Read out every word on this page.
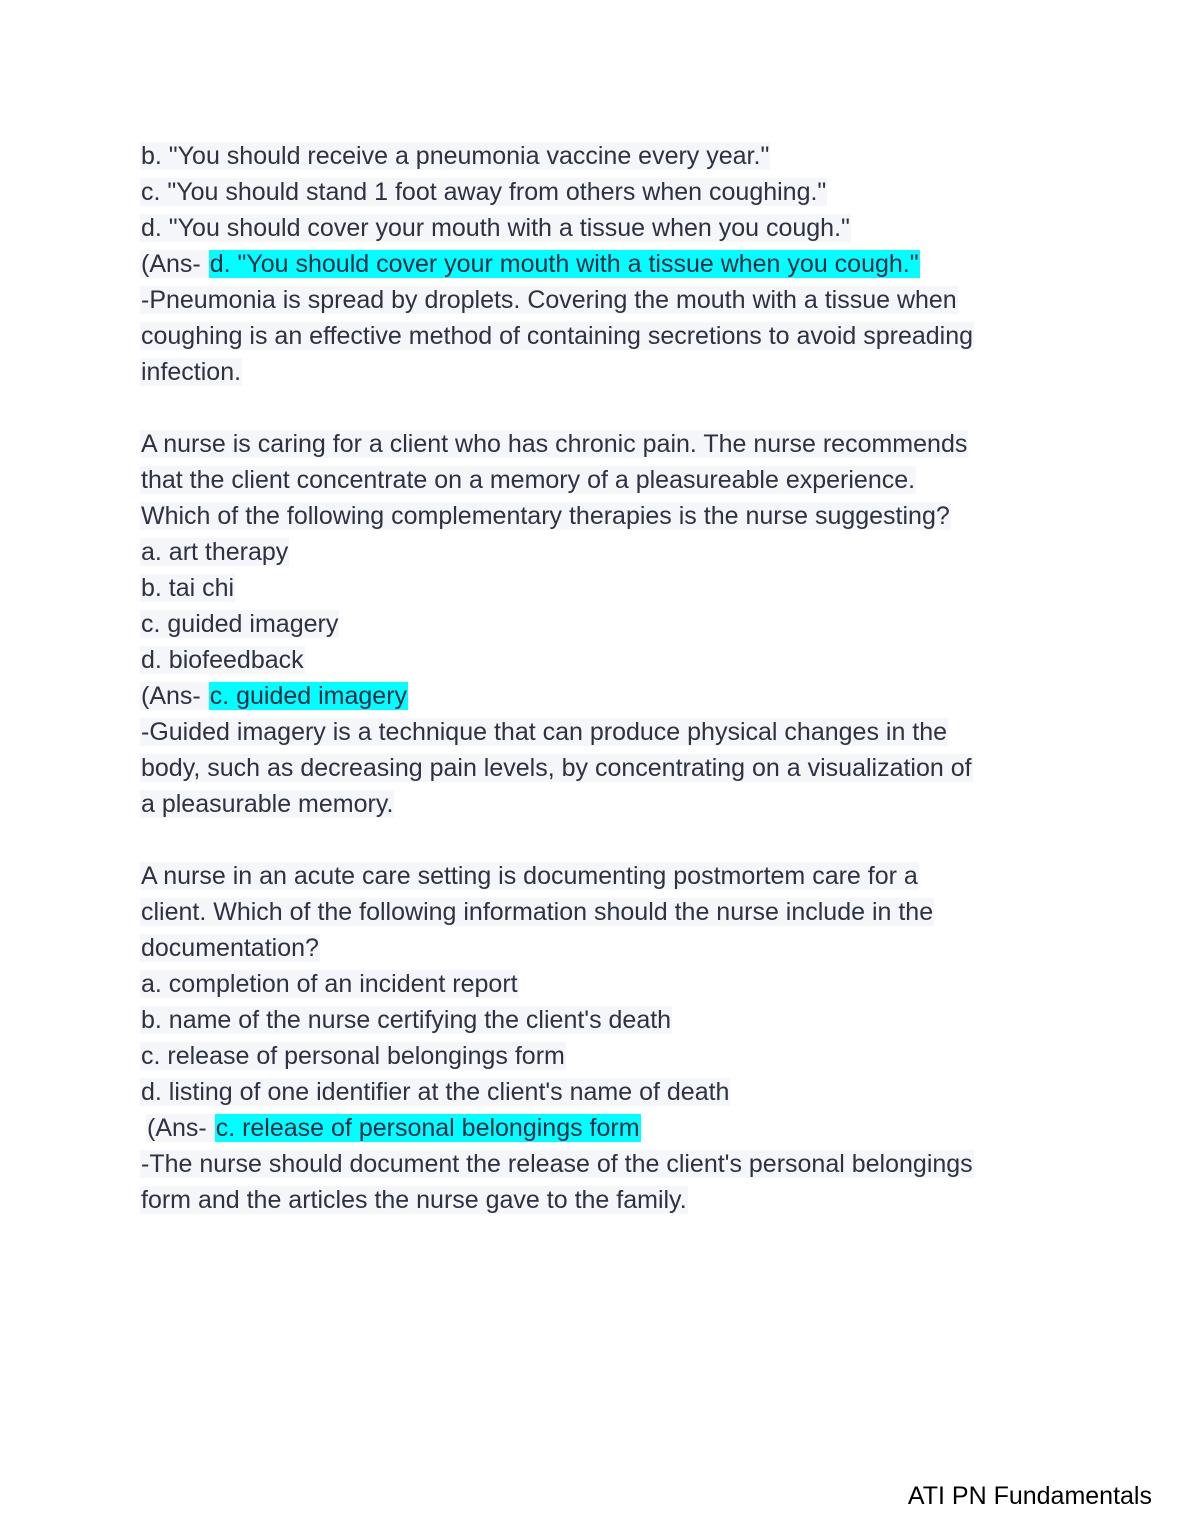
b. "You should receive a pneumonia vaccine every year."
c. "You should stand 1 foot away from others when coughing."
d. "You should cover your mouth with a tissue when you cough."
(Ans- d. "You should cover your mouth with a tissue when you cough."
-Pneumonia is spread by droplets. Covering the mouth with a tissue when
coughing is an effective method of containing secretions to avoid spreading
infection.
A nurse is caring for a client who has chronic pain. The nurse recommends
that the client concentrate on a memory of a pleasureable experience.
Which of the following complementary therapies is the nurse suggesting?
a. art therapy
b. tai chi
c. guided imagery
d. biofeedback
(Ans- c. guided imagery
-Guided imagery is a technique that can produce physical changes in the
body, such as decreasing pain levels, by concentrating on a visualization of
a pleasurable memory.
A nurse in an acute care setting is documenting postmortem care for a
client. Which of the following information should the nurse include in the
documentation?
a. completion of an incident report
b. name of the nurse certifying the client's death
c. release of personal belongings form
d. listing of one identifier at the client's name of death
(Ans- c. release of personal belongings form
-The nurse should document the release of the client's personal belongings
form and the articles the nurse gave to the family.
ATI PN Fundamentals
